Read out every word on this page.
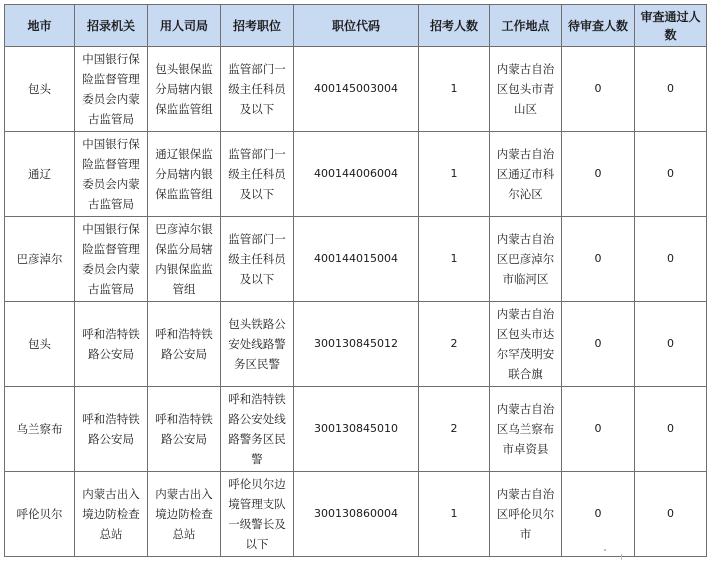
地市	招录机关	用人司局	招考职位	职位代码	招考人数	工作地点	待审查人数	审查通过人数
包头	中国银行保险监督管理委员会内蒙古监管局	包头银保监分局辖内银保监监管组	监管部门一级主任科员及以下	400145003004	1	内蒙古自治区包头市青山区	0	0
通辽	中国银行保险监督管理委员会内蒙古监管局	通辽银保监分局辖内银保监监管组	监管部门一级主任科员及以下	400144006004	1	内蒙古自治区通辽市科尔沁区	0	0
巴彦淖尔	中国银行保险监督管理委员会内蒙古监管局	巴彦淖尔银保监分局辖内银保监监管组	监管部门一级主任科员及以下	400144015004	1	内蒙古自治区巴彦淖尔市临河区	0	0
包头	呼和浩特铁路公安局	呼和浩特铁路公安局	包头铁路公安处线路警务区民警	300130845012	2	内蒙古自治区包头市达尔罕茂明安联合旗	0	0
乌兰察布	呼和浩特铁路公安局	呼和浩特铁路公安局	呼和浩特铁路公安处线路警务区民警	300130845010	2	内蒙古自治区乌兰察布市卓资县	0	0
呼伦贝尔	内蒙古出入境边防检查总站	内蒙古出入境边防检查总站	呼伦贝尔边境管理支队一级警长及以下	300130860004	1	内蒙古自治区呼伦贝尔市	0	0
